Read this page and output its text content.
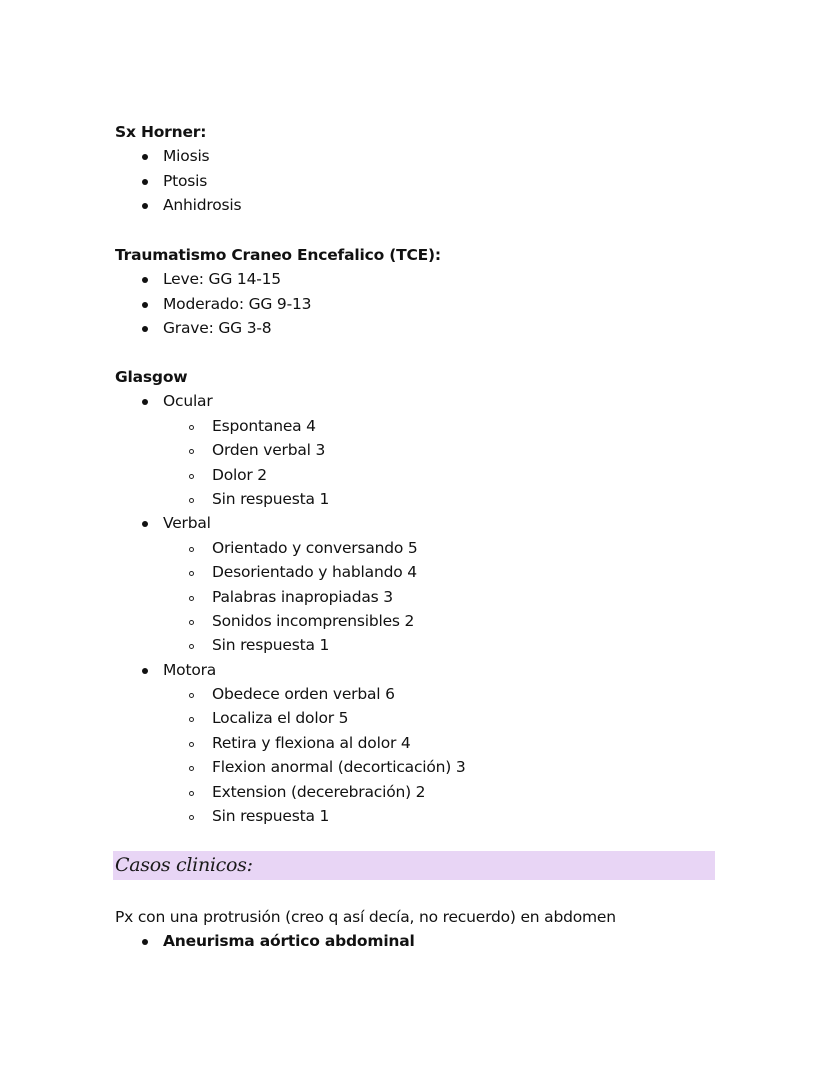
Sx Horner:
Miosis
Ptosis
Anhidrosis
Traumatismo Craneo Encefalico (TCE):
Leve: GG 14-15
Moderado: GG 9-13
Grave: GG 3-8
Glasgow
Ocular
Espontanea 4
Orden verbal 3
Dolor 2
Sin respuesta 1
Verbal
Orientado y conversando 5
Desorientado y hablando 4
Palabras inapropiadas 3
Sonidos incomprensibles 2
Sin respuesta 1
Motora
Obedece orden verbal 6
Localiza el dolor 5
Retira y flexiona al dolor 4
Flexion anormal (decorticación) 3
Extension (decerebración) 2
Sin respuesta 1
Casos clinicos:
Px con una protrusión (creo q así decía, no recuerdo) en abdomen
Aneurisma aórtico abdominal
